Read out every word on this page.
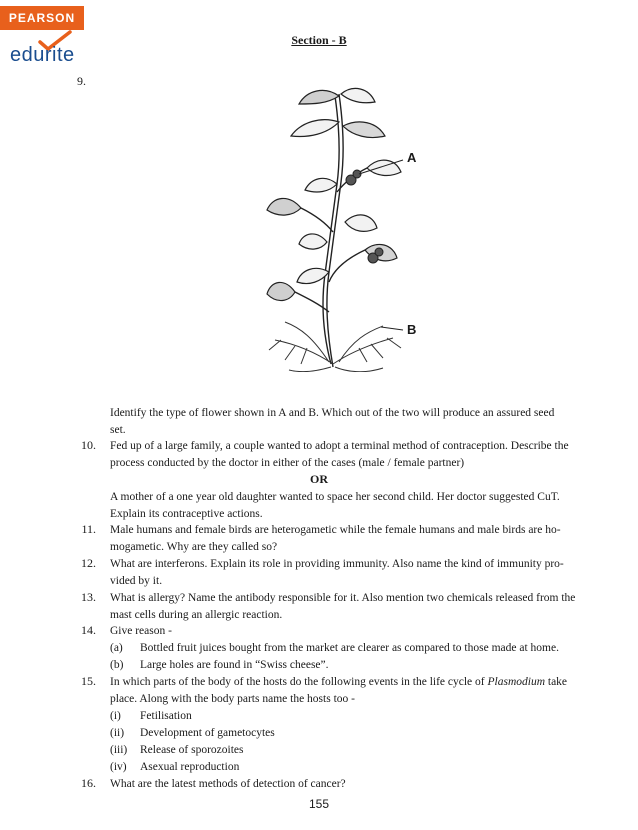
PEARSON
edurite
Section - B
9.
A
B
Identify the type of flower shown in A and B. Which out of the two will produce an assured seed
set.
10. Fed up of a large family, a couple wanted to adopt a terminal method of contraception. Describe the
process conducted by the doctor in either of the cases (male / female partner)
OR
A mother of a one year old daughter wanted to space her second child. Her doctor suggested CuT.
Explain its contraceptive actions.
11. Male humans and female birds are heterogametic while the female humans and male birds are ho-
mogametic. Why are they called so?
12. What are interferons. Explain its role in providing immunity. Also name the kind of immunity pro-
vided by it.
13. What is allergy? Name the antibody responsible for it. Also mention two chemicals released from the
mast cells during an allergic reaction.
14. Give reason -
(a) Bottled fruit juices bought from the market are clearer as compared to those made at home.
(b) Large holes are found in “Swiss cheese”.
15. In which parts of the body of the hosts do the following events in the life cycle of Plasmodium take
place. Along with the body parts name the hosts too -
(i) Fetilisation
(ii) Development of gametocytes
(iii) Release of sporozoites
(iv) Asexual reproduction
16. What are the latest methods of detection of cancer?
155
